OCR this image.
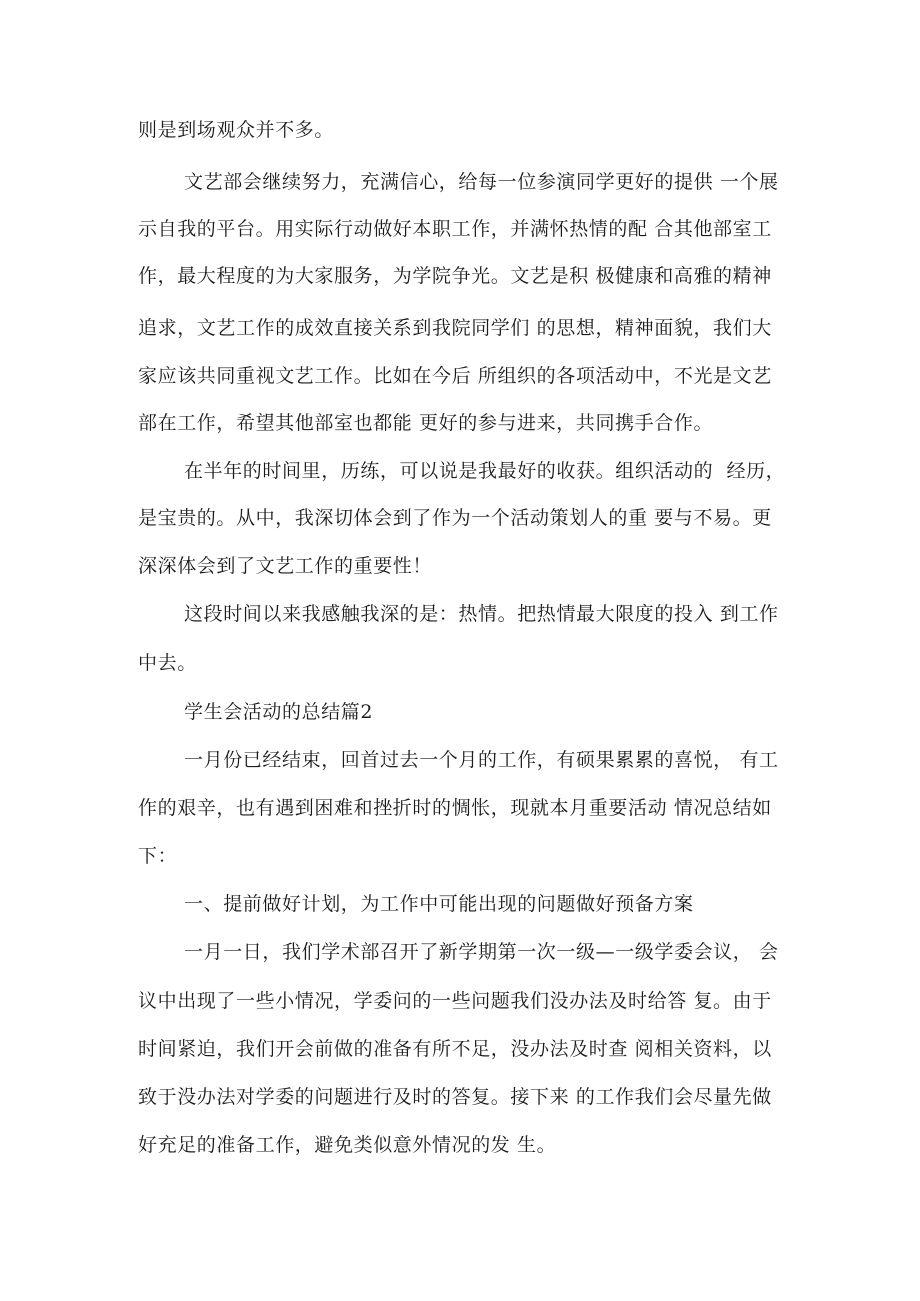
则是到场观众并不多。

文艺部会继续努力，充满信心，给每一位参演同学更好的提供 一个展

示自我的平台。用实际行动做好本职工作，并满怀热情的配 合其他部室工

作，最大程度的为大家服务，为学院争光。文艺是积 极健康和高雅的精神

追求，文艺工作的成效直接关系到我院同学们 的思想，精神面貌，我们大

家应该共同重视文艺工作。比如在今后 所组织的各项活动中，不光是文艺

部在工作，希望其他部室也都能 更好的参与进来，共同携手合作。

在半年的时间里，历练，可以说是我最好的收获。组织活动的  经历，

是宝贵的。从中，我深切体会到了作为一个活动策划人的重 要与不易。更

深深体会到了文艺工作的重要性！

这段时间以来我感触我深的是：热情。把热情最大限度的投入 到工作

中去。

学生会活动的总结篇2

一月份已经结束，回首过去一个月的工作，有硕果累累的喜悦， 有工

作的艰辛，也有遇到困难和挫折时的惆怅，现就本月重要活动 情况总结如

下：

一、提前做好计划，为工作中可能出现的问题做好预备方案

一月一日，我们学术部召开了新学期第一次一级—一级学委会议， 会

议中出现了一些小情况，学委问的一些问题我们没办法及时给答 复。由于

时间紧迫，我们开会前做的准备有所不足，没办法及时查 阅相关资料，以

致于没办法对学委的问题进行及时的答复。接下来 的工作我们会尽量先做

好充足的准备工作，避免类似意外情况的发 生。
